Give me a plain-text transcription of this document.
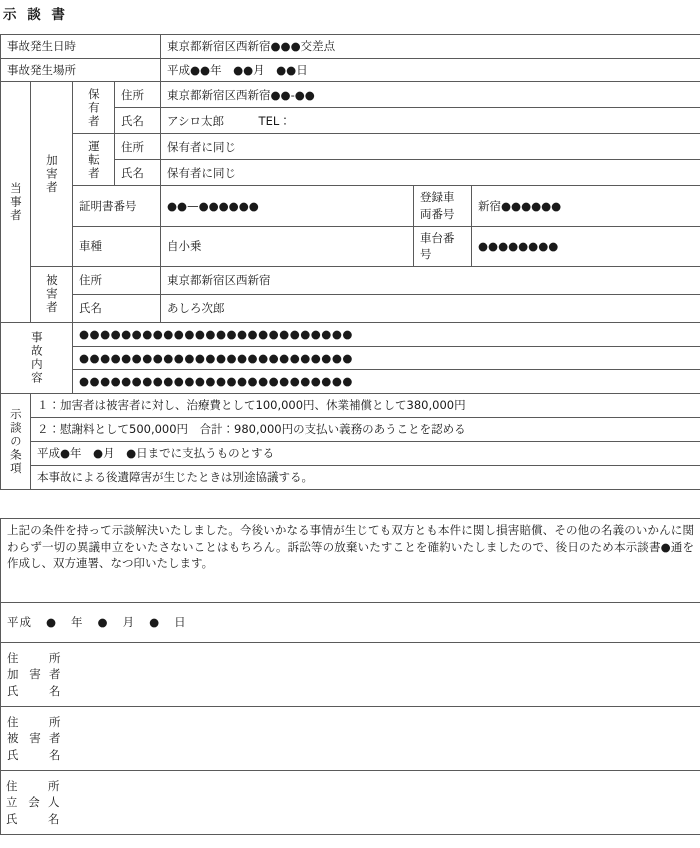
示 談 書
事故発生日時				東京都新宿区西新宿●●●交差点		
事故発生場所				平成●●年　●●月　●●日		
当事者	加害者	保有者	住所	東京都新宿区西新宿●●-●●		
			氏名	アシロ太郎　　　TEL：		
		運転者	住所	保有者に同じ		
			氏名	保有者に同じ		
		証明書番号		●●—●●●●●●	登録車両番号	新宿●●●●●●
		車種		自小乗	車台番号	●●●●●●●●
	被害者	住所		東京都新宿区西新宿		
		氏名		あしろ次郎		
事故内容		●●●●●●●●●●●●●●●●●●●●●●●●●●				
		●●●●●●●●●●●●●●●●●●●●●●●●●●				
		●●●●●●●●●●●●●●●●●●●●●●●●●●				
示談の条項	１：加害者は被害者に対し、治療費として100,000円、休業補償として380,000円					
	２：慰謝料として500,000円　合計：980,000円の支払い義務のあうことを認める					
	平成●年　●月　●日までに支払うものとする					
	本事故による後遺障害が生じたときは別途協議する。					

上記の条件を持って示談解決いたしました。今後いかなる事情が生じても双方とも本件に関し損害賠償、その他の名義のいかんに関わらず一切の異議申立をいたさないことはもちろん。訴訟等の放棄いたすことを確約いたしましたので、後日のため本示談書●通を作成し、双方連署、なつ印いたします。

平成 ● 年 ● 月 ● 日

住	所
加 害 者
氏	名

住	所
被 害 者
氏	名

住	所
立 会 人
氏	名
